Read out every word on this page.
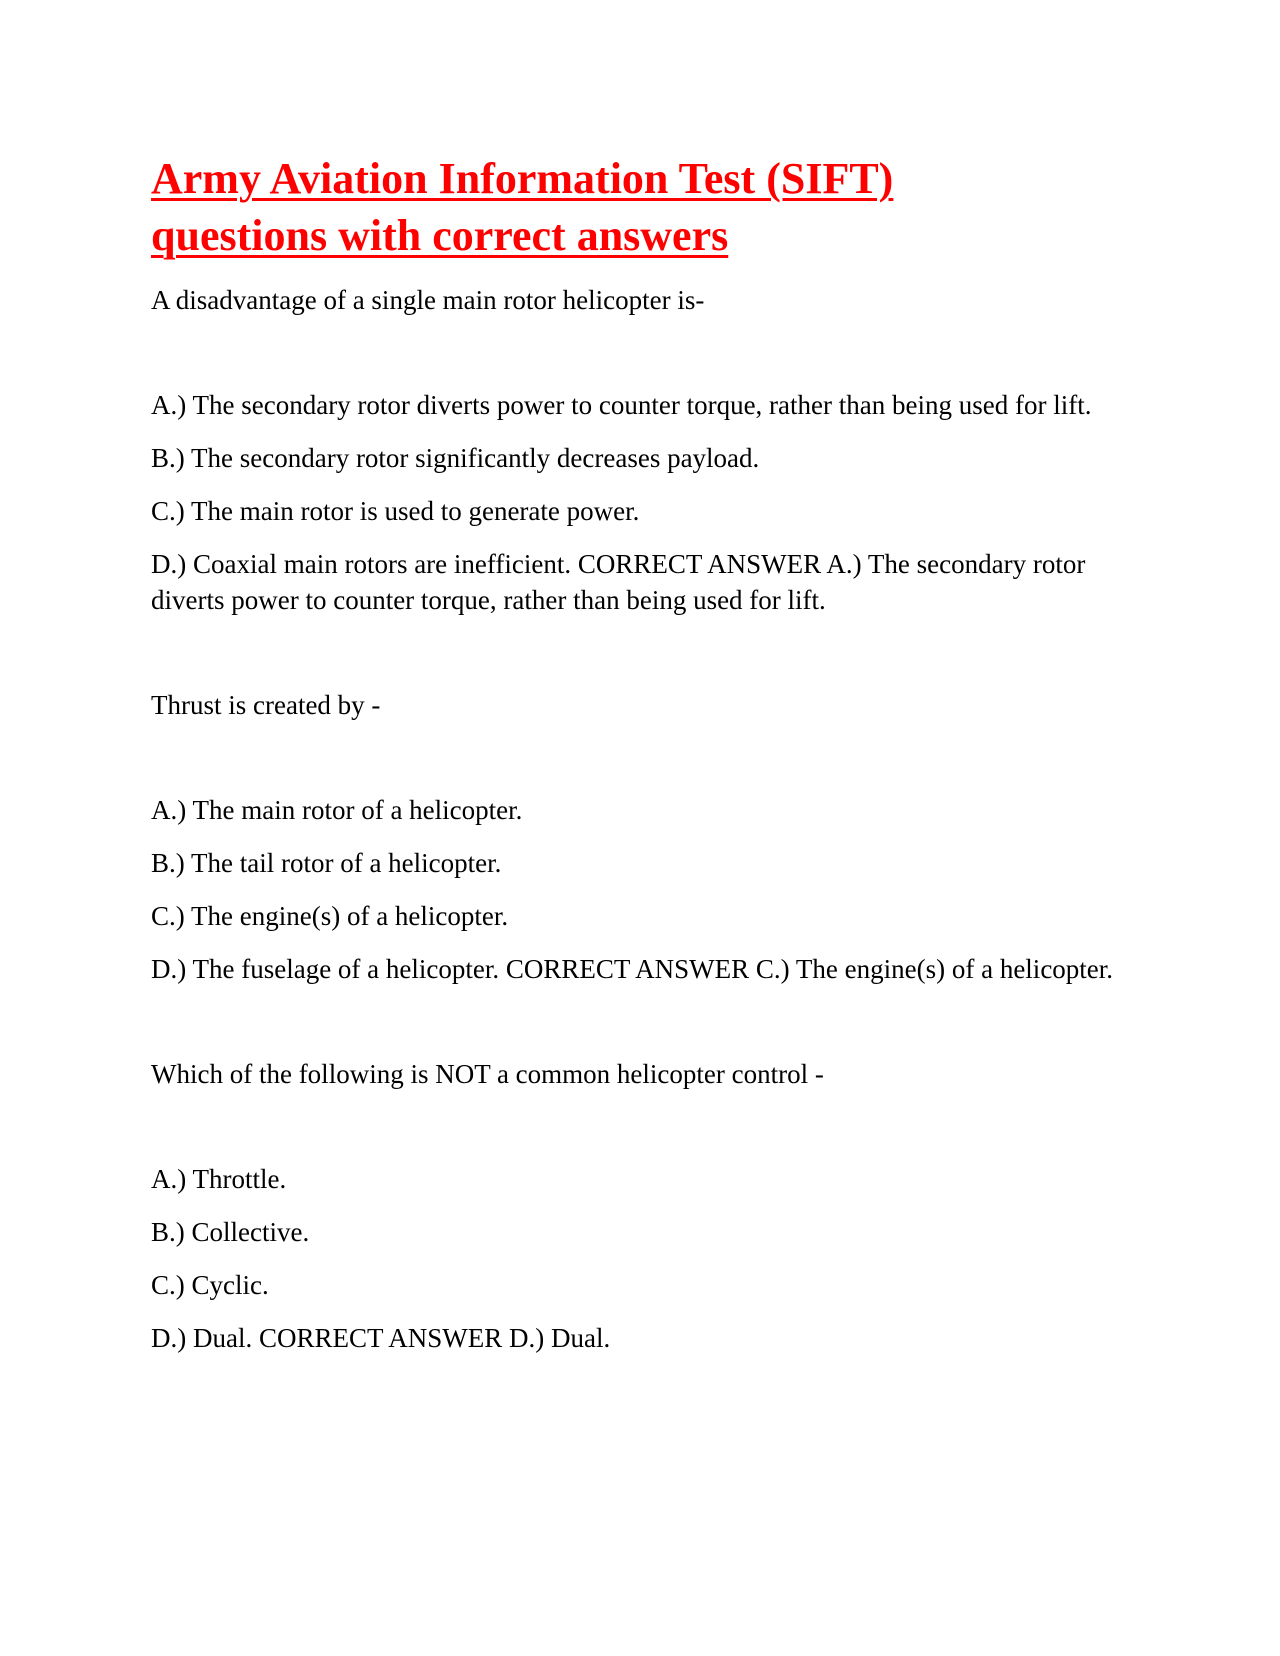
Army Aviation Information Test (SIFT)
questions with correct answers

A disadvantage of a single main rotor helicopter is-

A.) The secondary rotor diverts power to counter torque, rather than being used for lift.

B.) The secondary rotor significantly decreases payload.

C.) The main rotor is used to generate power.

D.) Coaxial main rotors are inefficient. CORRECT ANSWER A.) The secondary rotor diverts power to counter torque, rather than being used for lift.

Thrust is created by -

A.) The main rotor of a helicopter.

B.) The tail rotor of a helicopter.

C.) The engine(s) of a helicopter.

D.) The fuselage of a helicopter. CORRECT ANSWER C.) The engine(s) of a helicopter.

Which of the following is NOT a common helicopter control -

A.) Throttle.

B.) Collective.

C.) Cyclic.

D.) Dual. CORRECT ANSWER D.) Dual.
